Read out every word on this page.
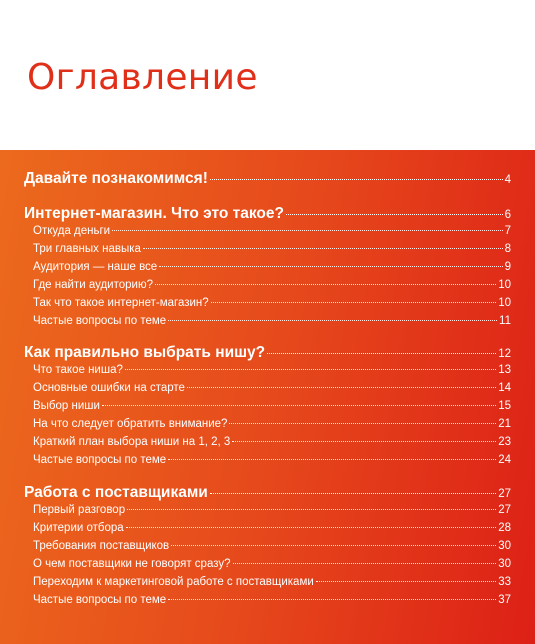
Оглавление
Давайте познакомимся!	4
Интернет-магазин. Что это такое?	6
Откуда деньги	7
Три главных навыка	8
Аудитория — наше все	9
Где найти аудиторию?	10
Так что такое интернет-магазин?	10
Частые вопросы по теме	11
Как правильно выбрать нишу?	12
Что такое ниша?	13
Основные ошибки на старте	14
Выбор ниши	15
На что следует обратить внимание?	21
Краткий план выбора ниши на 1, 2, 3	23
Частые вопросы по теме	24
Работа с поставщиками	27
Первый разговор	27
Критерии отбора	28
Требования поставщиков	30
О чем поставщики не говорят сразу?	30
Переходим к маркетинговой работе с поставщиками	33
Частые вопросы по теме	37
